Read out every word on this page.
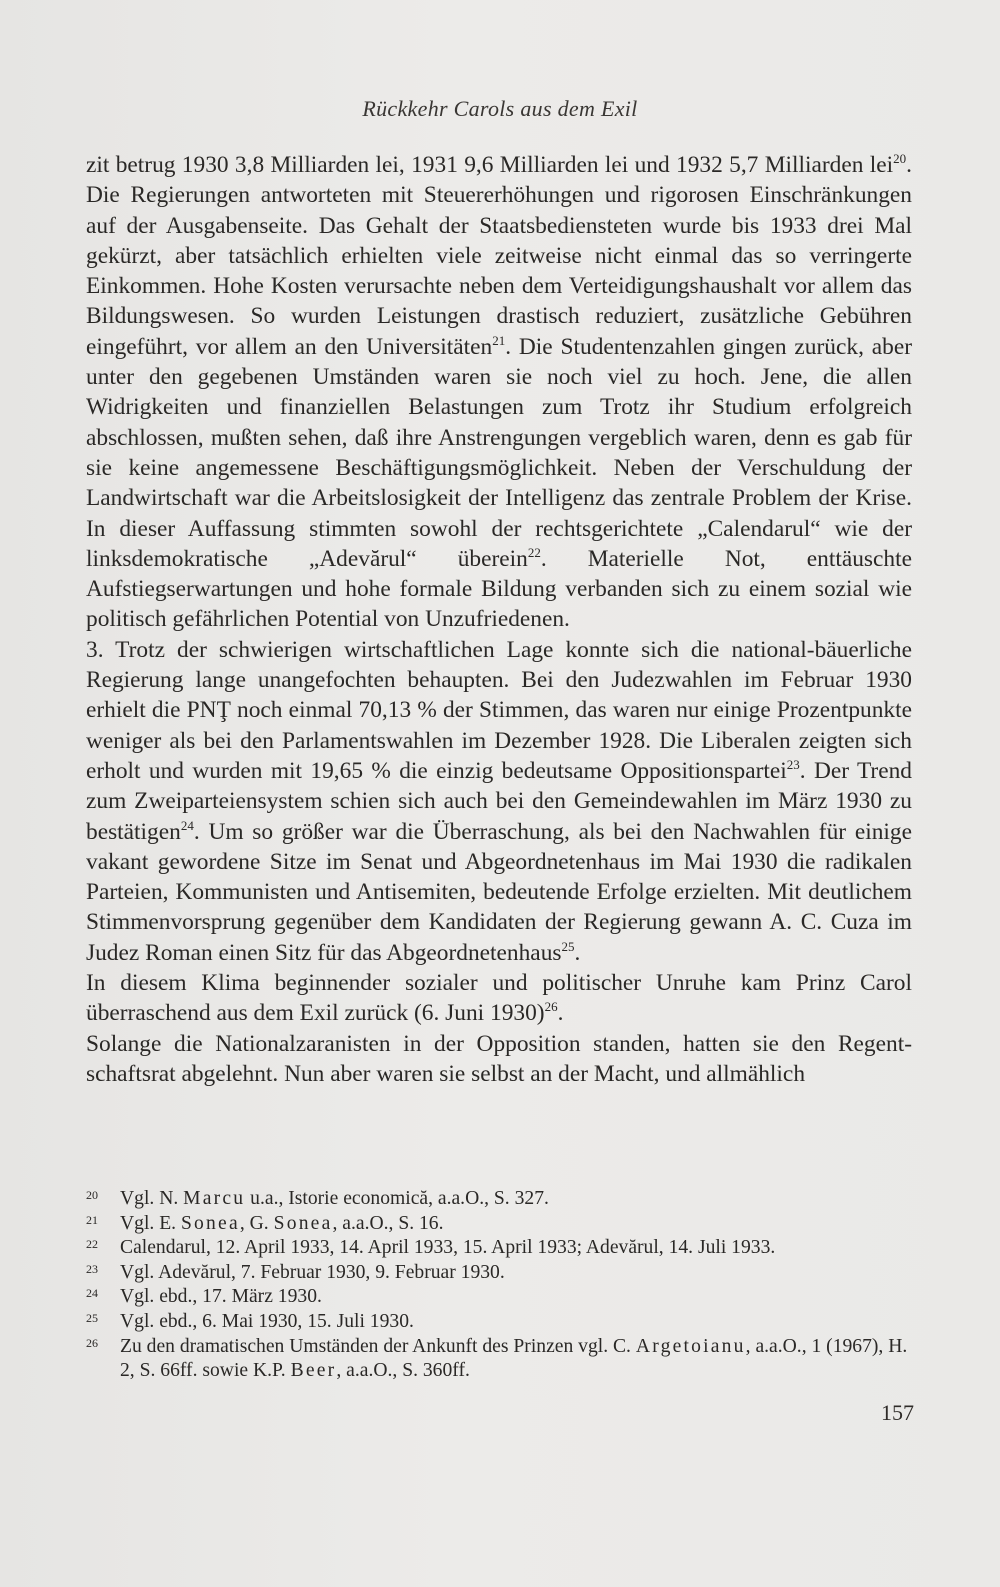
Rückkehr Carols aus dem Exil

zit betrug 1930 3,8 Milliarden lei, 1931 9,6 Milliarden lei und 1932 5,7 Milliarden lei$^{20}$. Die Regierungen antworteten mit Steuererhöhungen und rigorosen Einschränkungen auf der Ausgabenseite. Das Gehalt der Staatsbediensteten wurde bis 1933 drei Mal gekürzt, aber tatsächlich erhielten viele zeitweise nicht einmal das so verringerte Einkommen. Hohe Kosten verursachte neben dem Verteidigungshaushalt vor allem das Bildungswesen. So wurden Leistungen drastisch reduziert, zusätzliche Gebühren eingeführt, vor allem an den Universitäten$^{21}$. Die Studentenzahlen gingen zurück, aber unter den gegebenen Umständen waren sie noch viel zu hoch. Jene, die allen Widrigkeiten und finanziellen Belastungen zum Trotz ihr Studium erfolgreich abschlossen, mußten sehen, daß ihre Anstrengungen vergeblich waren, denn es gab für sie keine angemessene Beschäftigungsmöglichkeit. Neben der Verschuldung der Landwirtschaft war die Arbeitslosigkeit der Intelligenz das zentrale Problem der Krise. In dieser Auffassung stimmten sowohl der rechtsgerichtete „Calendarul“ wie der linksdemokratische „Adevărul“ überein$^{22}$. Materielle Not, enttäuschte Aufstiegserwartungen und hohe formale Bildung verbanden sich zu einem sozial wie politisch gefährlichen Potential von Unzufriedenen.

3. Trotz der schwierigen wirtschaftlichen Lage konnte sich die national-bäuerliche Regierung lange unangefochten behaupten. Bei den Judezwahlen im Februar 1930 erhielt die PNŢ noch einmal 70,13 % der Stimmen, das waren nur einige Prozentpunkte weniger als bei den Parlamentswahlen im Dezember 1928. Die Liberalen zeigten sich erholt und wurden mit 19,65 % die einzig bedeutsame Oppositionspartei$^{23}$. Der Trend zum Zweiparteiensystem schien sich auch bei den Gemeindewahlen im März 1930 zu bestätigen$^{24}$. Um so größer war die Überraschung, als bei den Nachwahlen für einige vakant gewordene Sitze im Senat und Abgeordnetenhaus im Mai 1930 die radikalen Parteien, Kommunisten und Antisemiten, bedeutende Erfolge erzielten. Mit deutlichem Stimmenvorsprung gegenüber dem Kandidaten der Regierung gewann A. C. Cuza im Judez Roman einen Sitz für das Abgeordnetenhaus$^{25}$.

In diesem Klima beginnender sozialer und politischer Unruhe kam Prinz Carol überraschend aus dem Exil zurück (6. Juni 1930)$^{26}$.

Solange die Nationalzaranisten in der Opposition standen, hatten sie den Regentschaftsrat abgelehnt. Nun aber waren sie selbst an der Macht, und allmählich

20 Vgl. N. Marcu u.a., Istorie economică, a.a.O., S. 327.
21 Vgl. E. Sonea, G. Sonea, a.a.O., S. 16.
22 Calendarul, 12. April 1933, 14. April 1933, 15. April 1933; Adevărul, 14. Juli 1933.
23 Vgl. Adevărul, 7. Februar 1930, 9. Februar 1930.
24 Vgl. ebd., 17. März 1930.
25 Vgl. ebd., 6. Mai 1930, 15. Juli 1930.
26 Zu den dramatischen Umständen der Ankunft des Prinzen vgl. C. Argetoianu, a.a.O., 1 (1967), H. 2, S. 66ff. sowie K.P. Beer, a.a.O., S. 360ff.
157
